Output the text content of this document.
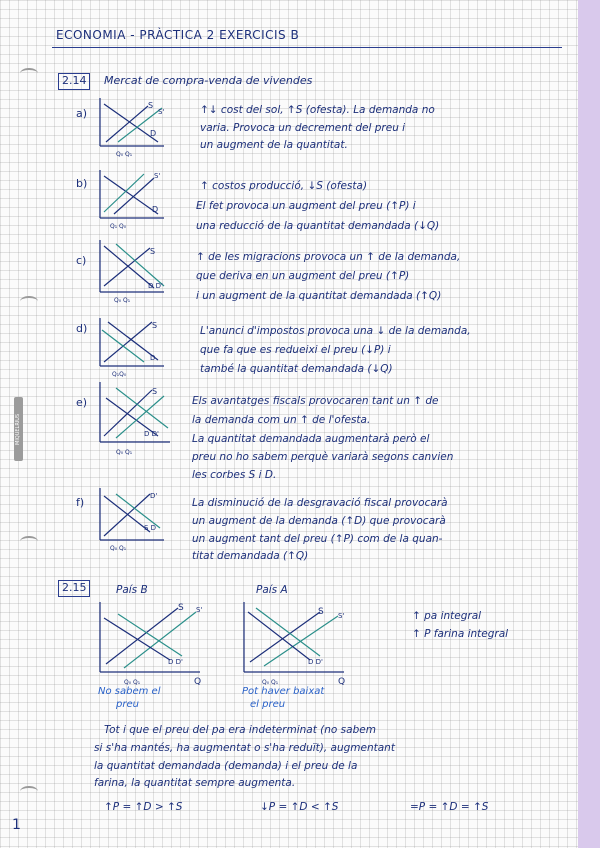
MIQUELRIUS
ECONOMIA - PRÀCTICA 2 EXERCICIS B
2.14 Mercat de compra-venda de vivendes
a)
S
S'
D
Q₀ Q₁
↑↓ cost del sol, ↑S (ofesta). La demanda no
varia. Provoca un decrement del preu i
un augment de la quantitat.
b)
S'
D
Q₁ Q₀
↑ costos producció, ↓S (ofesta)
El fet provoca un augment del preu (↑P) i
una reducció de la quantitat demandada (↓Q)
c)
S
D D'
Q₀ Q₁
↑ de les migracions provoca un ↑ de la demanda,
que deriva en un augment del preu (↑P)
i un augment de la quantitat demandada (↑Q)
d)	S
D
Q₁Q₀
L'anunci d'impostos provoca una ↓ de la demanda,
que fa que es redueixi el preu (↓P) i
també la quantitat demandada (↓Q)
e)
S
D D'
Q₀ Q₁
Els avantatges fiscals provocaren tant un ↑ de
la demanda com un ↑ de l'ofesta.
La quantitat demandada augmentarà però el
preu no ho sabem perquè variarà segons canvien
les corbes S i D.
f)	D'
S D
Q₀ Q₁
La disminució de la desgravació fiscal provocarà
un augment de la demanda (↑D) que provocarà
un augment tant del preu (↑P) com de la quan-
titat demandada (↑Q)
2.15	País B	País A
S S'
D D'
Q
Q₀ Q₁
No sabem el
preu
S S'
D D'
Q
Q₀ Q₁
Pot haver baixat
el preu
↑ pa integral
↑ P farina integral
Tot i que el preu del pa era indeterminat (no sabem
si s'ha mantés, ha augmentat o s'ha reduït), augmentant
la quantitat demandada (demanda) i el preu de la
farina, la quantitat sempre augmenta.
↑P = ↑D > ↑S	↓P = ↑D < ↑S	=P = ↑D = ↑S
1
